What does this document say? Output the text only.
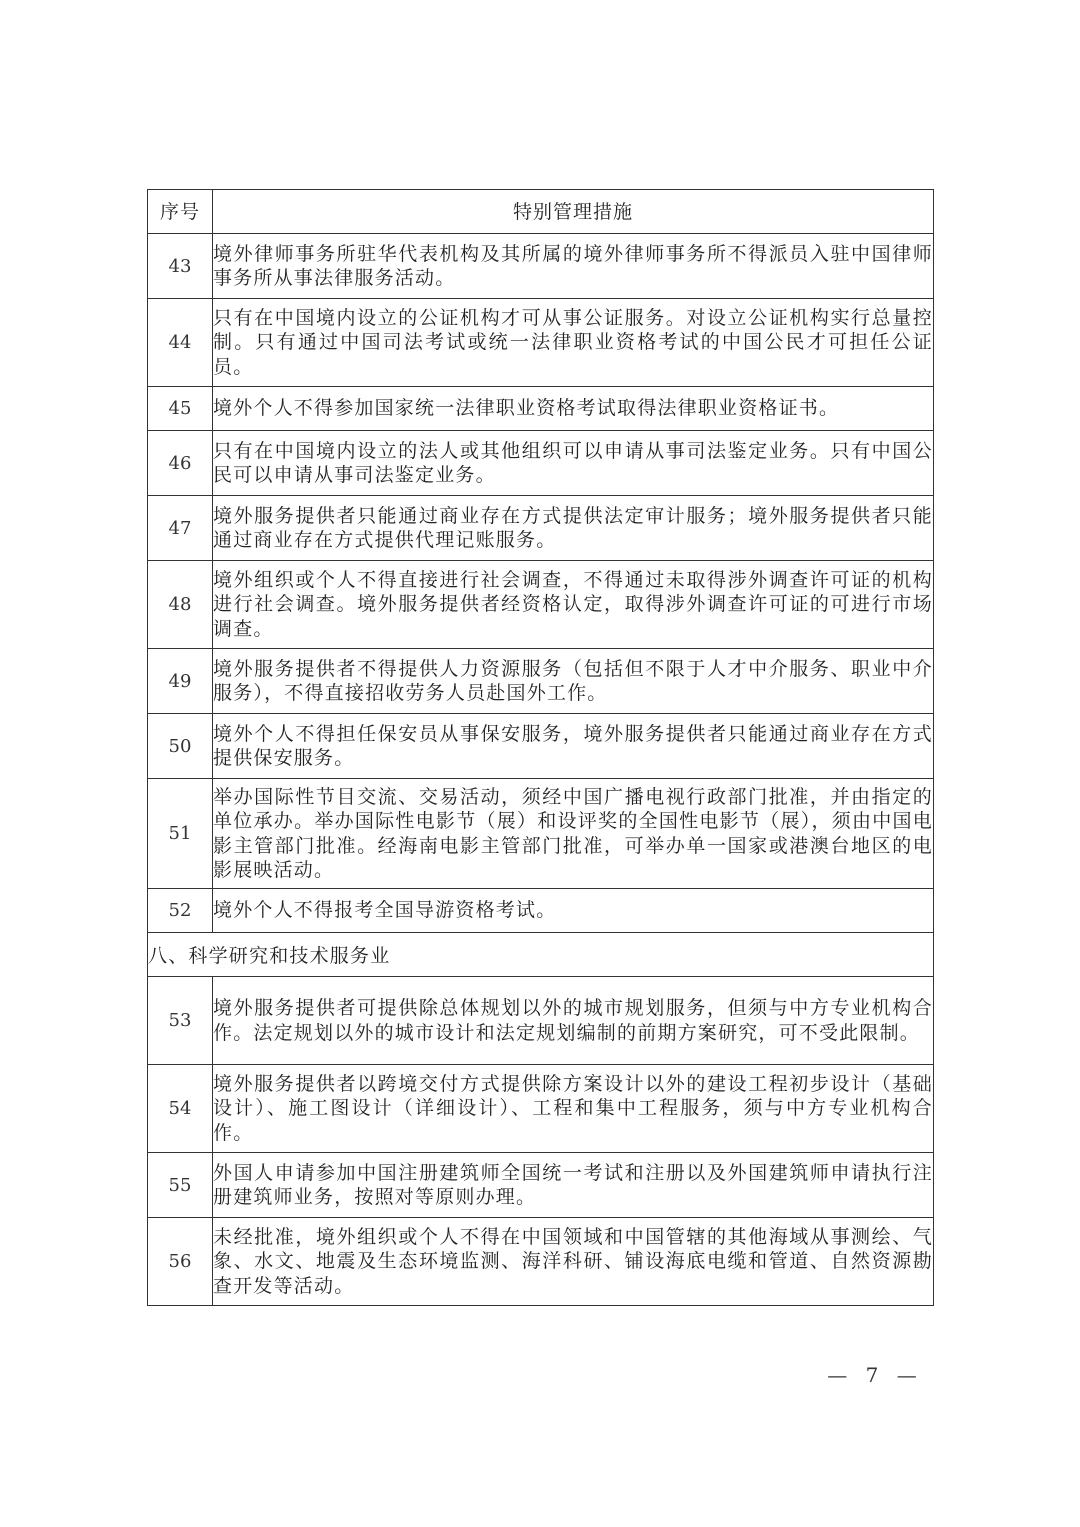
序号	特别管理措施

43	境外律师事务所驻华代表机构及其所属的境外律师事务所不得派员入驻中国律师事务所从事法律服务活动。

44	只有在中国境内设立的公证机构才可从事公证服务。对设立公证机构实行总量控制。只有通过中国司法考试或统一法律职业资格考试的中国公民才可担任公证员。

45	境外个人不得参加国家统一法律职业资格考试取得法律职业资格证书。

46	只有在中国境内设立的法人或其他组织可以申请从事司法鉴定业务。只有中国公民可以申请从事司法鉴定业务。

47	境外服务提供者只能通过商业存在方式提供法定审计服务；境外服务提供者只能通过商业存在方式提供代理记账服务。

48	境外组织或个人不得直接进行社会调查，不得通过未取得涉外调查许可证的机构进行社会调查。境外服务提供者经资格认定，取得涉外调查许可证的可进行市场调查。

49	境外服务提供者不得提供人力资源服务（包括但不限于人才中介服务、职业中介服务），不得直接招收劳务人员赴国外工作。

50	境外个人不得担任保安员从事保安服务，境外服务提供者只能通过商业存在方式提供保安服务。

51	举办国际性节目交流、交易活动，须经中国广播电视行政部门批准，并由指定的单位承办。举办国际性电影节（展）和设评奖的全国性电影节（展），须由中国电影主管部门批准。经海南电影主管部门批准，可举办单一国家或港澳台地区的电影展映活动。

52	境外个人不得报考全国导游资格考试。

八、科学研究和技术服务业	
53	境外服务提供者可提供除总体规划以外的城市规划服务，但须与中方专业机构合作。法定规划以外的城市设计和法定规划编制的前期方案研究，可不受此限制。

54	境外服务提供者以跨境交付方式提供除方案设计以外的建设工程初步设计（基础设计）、施工图设计（详细设计）、工程和集中工程服务，须与中方专业机构合作。

55	外国人申请参加中国注册建筑师全国统一考试和注册以及外国建筑师申请执行注册建筑师业务，按照对等原则办理。

56	未经批准，境外组织或个人不得在中国领域和中国管辖的其他海域从事测绘、气象、水文、地震及生态环境监测、海洋科研、铺设海底电缆和管道、自然资源勘查开发等活动。
— 7 —
